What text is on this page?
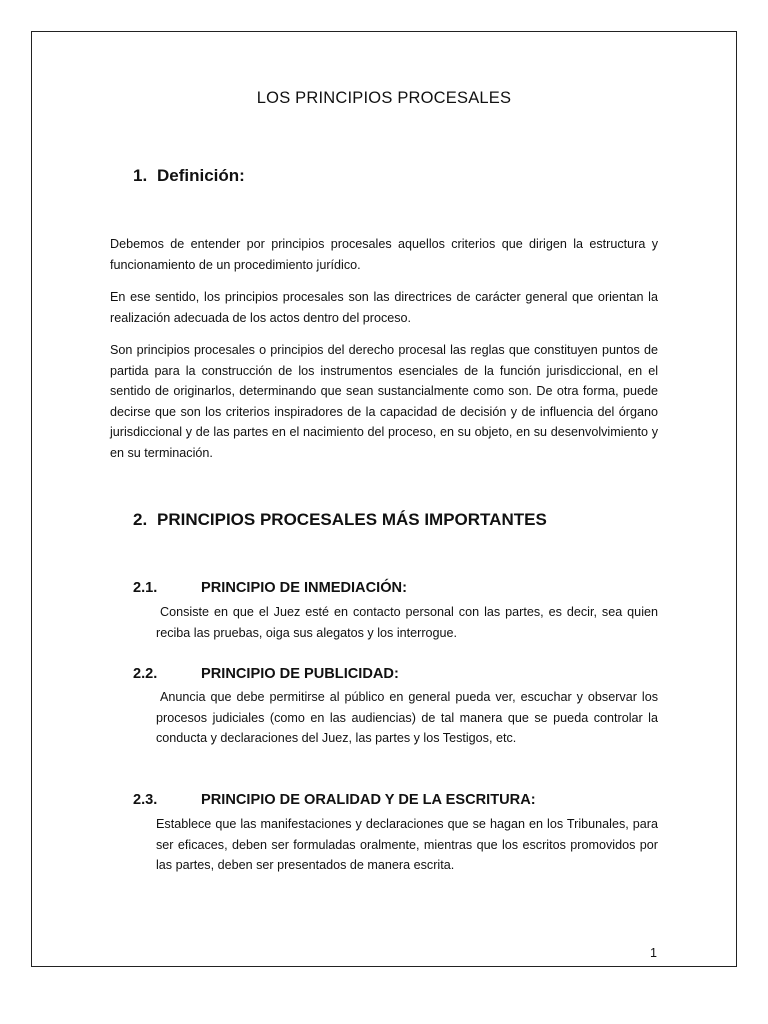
LOS PRINCIPIOS PROCESALES
1. Definición:

Debemos de entender por principios procesales aquellos criterios que dirigen la estructura y funcionamiento de un procedimiento jurídico.

En ese sentido, los principios procesales son las directrices de carácter general que orientan la realización adecuada de los actos dentro del proceso.

Son principios procesales o principios del derecho procesal las reglas que constituyen puntos de partida para la construcción de los instrumentos esenciales de la función jurisdiccional, en el sentido de originarlos, determinando que sean sustancialmente como son. De otra forma, puede decirse que son los criterios inspiradores de la capacidad de decisión y de influencia del órgano jurisdiccional y de las partes en el nacimiento del proceso, en su objeto, en su desenvolvimiento y en su terminación.

2. PRINCIPIOS PROCESALES MÁS IMPORTANTES
2.1.	PRINCIPIO DE INMEDIACIÓN:

Consiste en que el Juez esté en contacto personal con las partes, es decir, sea quien reciba las pruebas, oiga sus alegatos y los interrogue.

2.2.	PRINCIPIO DE PUBLICIDAD:

Anuncia que debe permitirse al público en general pueda ver, escuchar y observar los procesos judiciales (como en las audiencias) de tal manera que se pueda controlar la conducta y declaraciones del Juez, las partes y los Testigos, etc.

2.3.	PRINCIPIO DE ORALIDAD Y DE LA ESCRITURA:

Establece que las manifestaciones y declaraciones que se hagan en los Tribunales, para ser eficaces, deben ser formuladas oralmente, mientras que los escritos promovidos por las partes, deben ser presentados de manera escrita.

1
